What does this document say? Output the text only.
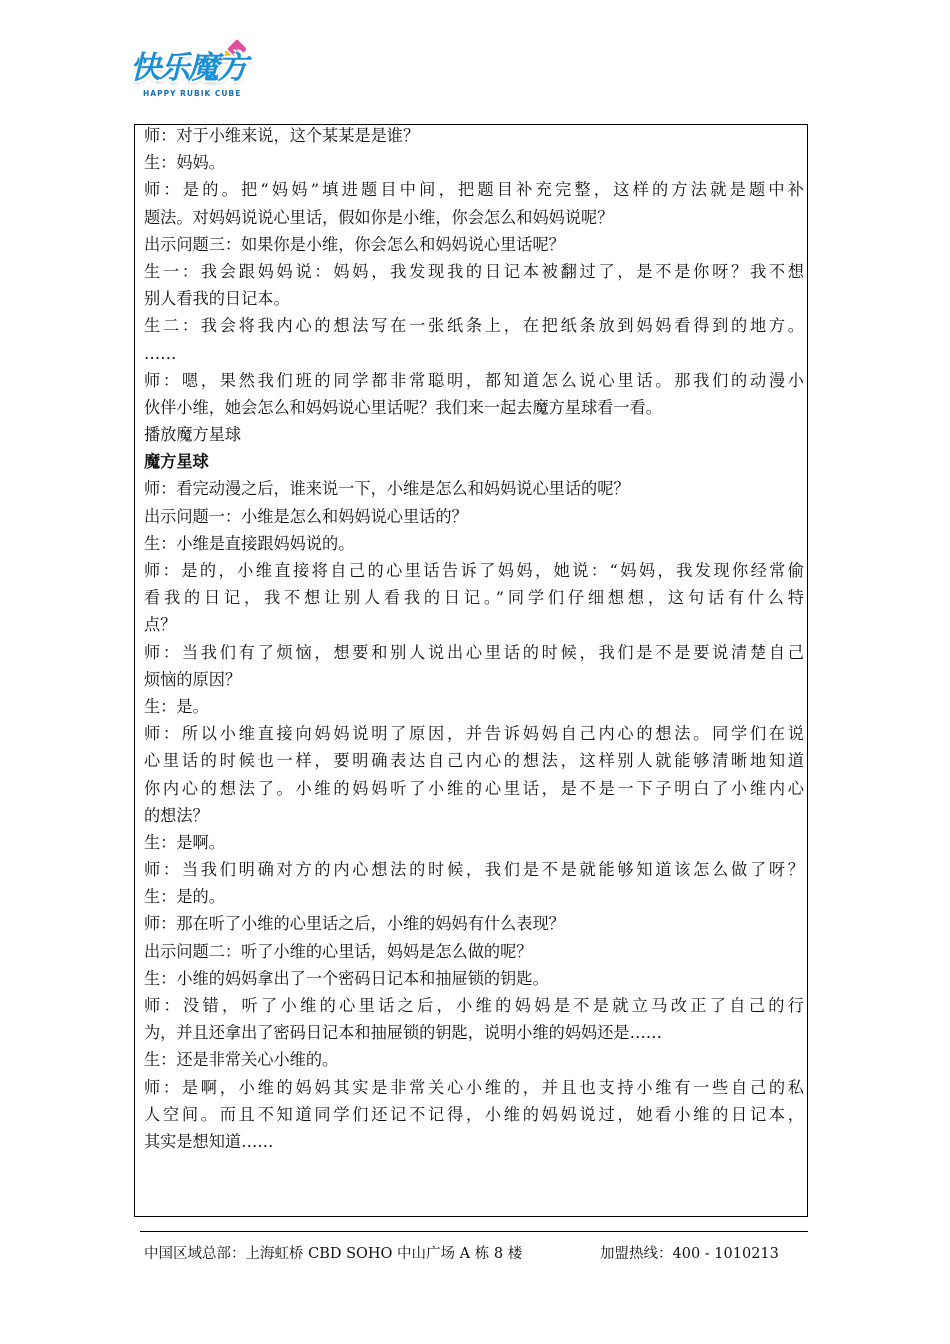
快乐魔方
HAPPY RUBIK CUBE
师：对于小维来说，这个某某是是谁？
生：妈妈。
师：是的。把“妈妈”填进题目中间，把题目补充完整，这样的方法就是题中补
题法。对妈妈说说心里话，假如你是小维，你会怎么和妈妈说呢？
出示问题三：如果你是小维，你会怎么和妈妈说心里话呢？
生一：我会跟妈妈说：妈妈，我发现我的日记本被翻过了，是不是你呀？我不想
别人看我的日记本。
生二：我会将我内心的想法写在一张纸条上，在把纸条放到妈妈看得到的地方。
……
师：嗯，果然我们班的同学都非常聪明，都知道怎么说心里话。那我们的动漫小
伙伴小维，她会怎么和妈妈说心里话呢？我们来一起去魔方星球看一看。
播放魔方星球
魔方星球
师：看完动漫之后，谁来说一下，小维是怎么和妈妈说心里话的呢？
出示问题一：小维是怎么和妈妈说心里话的？
生：小维是直接跟妈妈说的。
师：是的，小维直接将自己的心里话告诉了妈妈，她说：“妈妈，我发现你经常偷
看我的日记，我不想让别人看我的日记。”同学们仔细想想，这句话有什么特
点？
师：当我们有了烦恼，想要和别人说出心里话的时候，我们是不是要说清楚自己
烦恼的原因？
生：是。
师：所以小维直接向妈妈说明了原因，并告诉妈妈自己内心的想法。同学们在说
心里话的时候也一样，要明确表达自己内心的想法，这样别人就能够清晰地知道
你内心的想法了。小维的妈妈听了小维的心里话，是不是一下子明白了小维内心
的想法？
生：是啊。
师：当我们明确对方的内心想法的时候，我们是不是就能够知道该怎么做了呀？
生：是的。
师：那在听了小维的心里话之后，小维的妈妈有什么表现？
出示问题二：听了小维的心里话，妈妈是怎么做的呢？
生：小维的妈妈拿出了一个密码日记本和抽屉锁的钥匙。
师：没错，听了小维的心里话之后，小维的妈妈是不是就立马改正了自己的行
为，并且还拿出了密码日记本和抽屉锁的钥匙，说明小维的妈妈还是……
生：还是非常关心小维的。
师：是啊，小维的妈妈其实是非常关心小维的，并且也支持小维有一些自己的私
人空间。而且不知道同学们还记不记得，小维的妈妈说过，她看小维的日记本，
其实是想知道……
中国区域总部：上海虹桥 CBD SOHO 中山广场 A 栋 8 楼	加盟热线：400 - 1010213
